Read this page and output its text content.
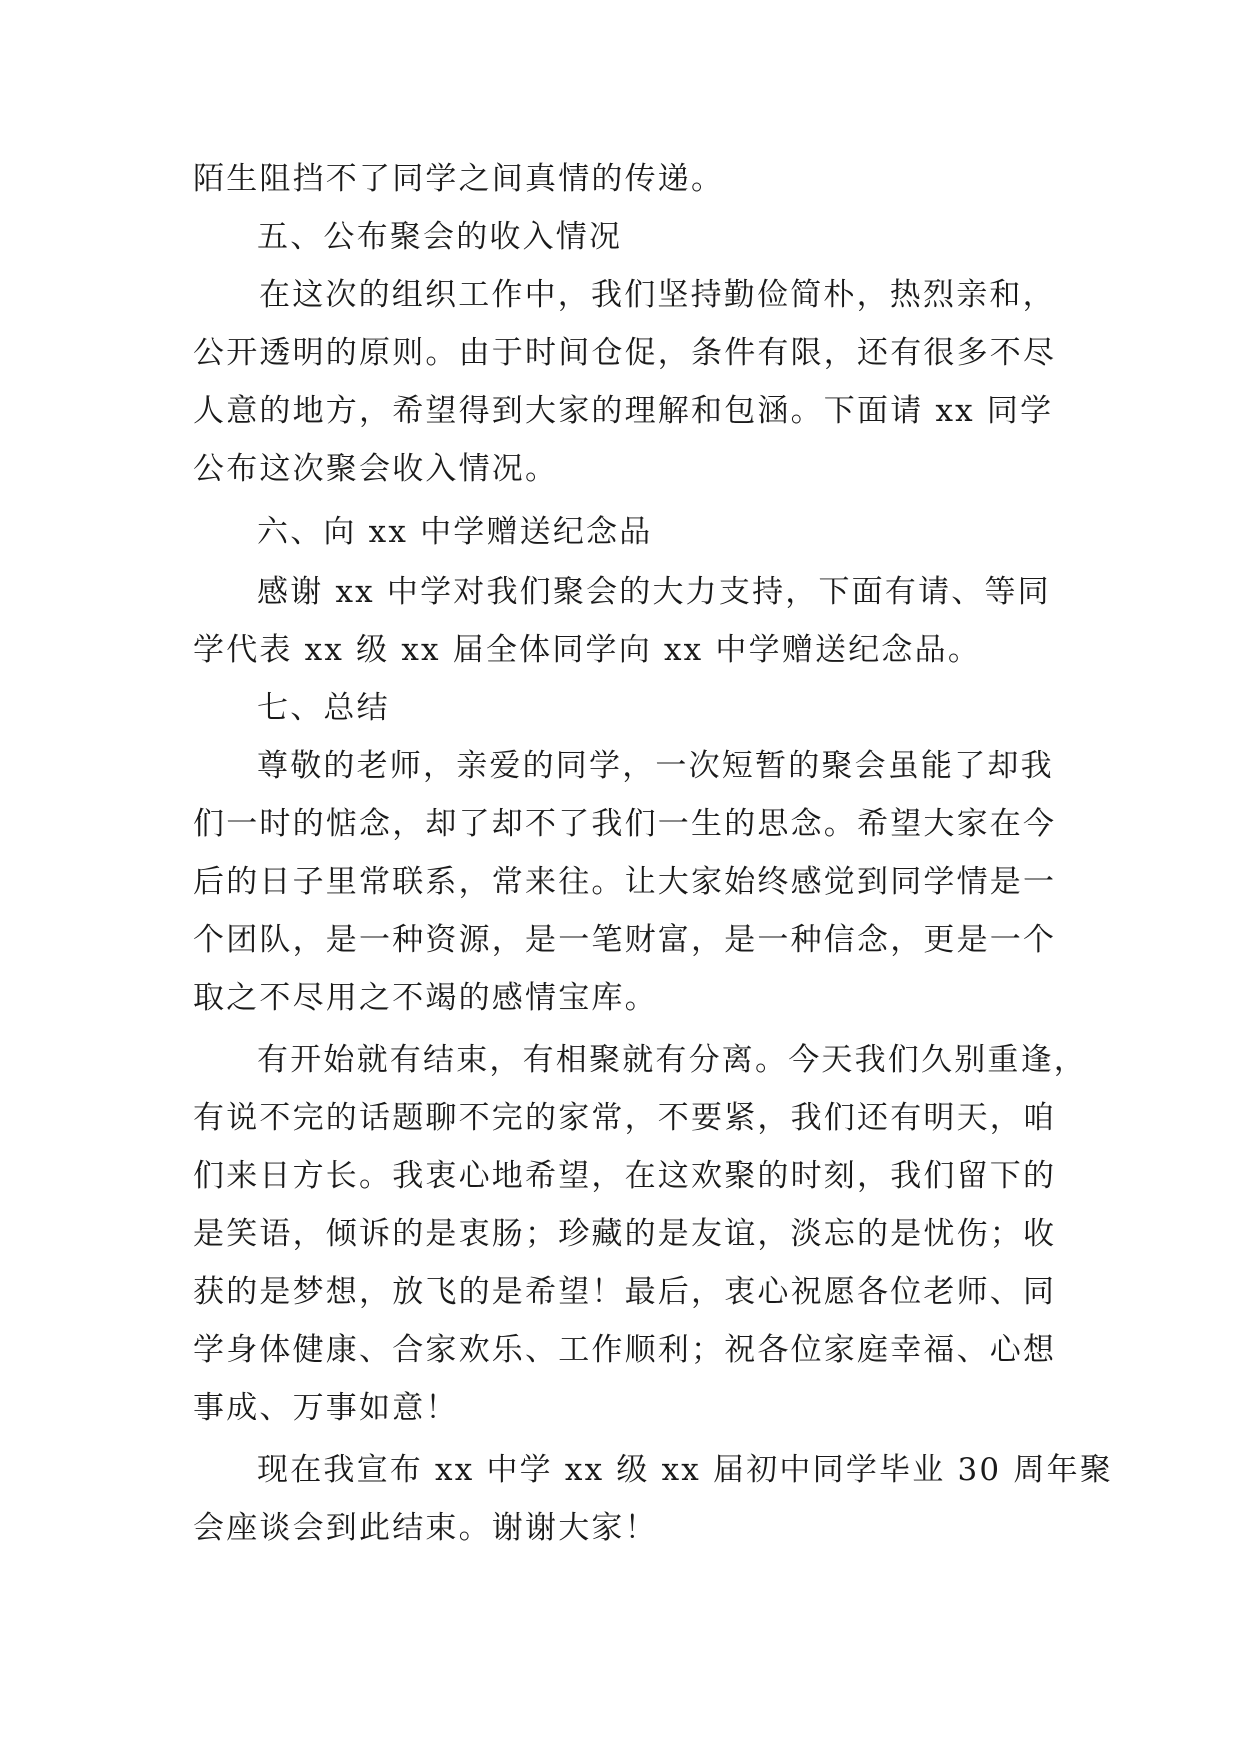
陌生阻挡不了同学之间真情的传递。
五、公布聚会的收入情况
在这次的组织工作中，我们坚持勤俭简朴，热烈亲和，
公开透明的原则。由于时间仓促，条件有限，还有很多不尽
人意的地方，希望得到大家的理解和包涵。下面请 xx 同学
公布这次聚会收入情况。
六、向 xx 中学赠送纪念品
感谢 xx 中学对我们聚会的大力支持，下面有请、等同
学代表 xx 级 xx 届全体同学向 xx 中学赠送纪念品。
七、总结
尊敬的老师，亲爱的同学，一次短暂的聚会虽能了却我
们一时的惦念，却了却不了我们一生的思念。希望大家在今
后的日子里常联系，常来往。让大家始终感觉到同学情是一
个团队，是一种资源，是一笔财富，是一种信念，更是一个
取之不尽用之不竭的感情宝库。
有开始就有结束，有相聚就有分离。今天我们久别重逢，
有说不完的话题聊不完的家常，不要紧，我们还有明天，咱
们来日方长。我衷心地希望，在这欢聚的时刻，我们留下的
是笑语，倾诉的是衷肠；珍藏的是友谊，淡忘的是忧伤；收
获的是梦想，放飞的是希望！最后，衷心祝愿各位老师、同
学身体健康、合家欢乐、工作顺利；祝各位家庭幸福、心想
事成、万事如意！
现在我宣布 xx 中学 xx 级 xx 届初中同学毕业 30 周年聚
会座谈会到此结束。谢谢大家！
